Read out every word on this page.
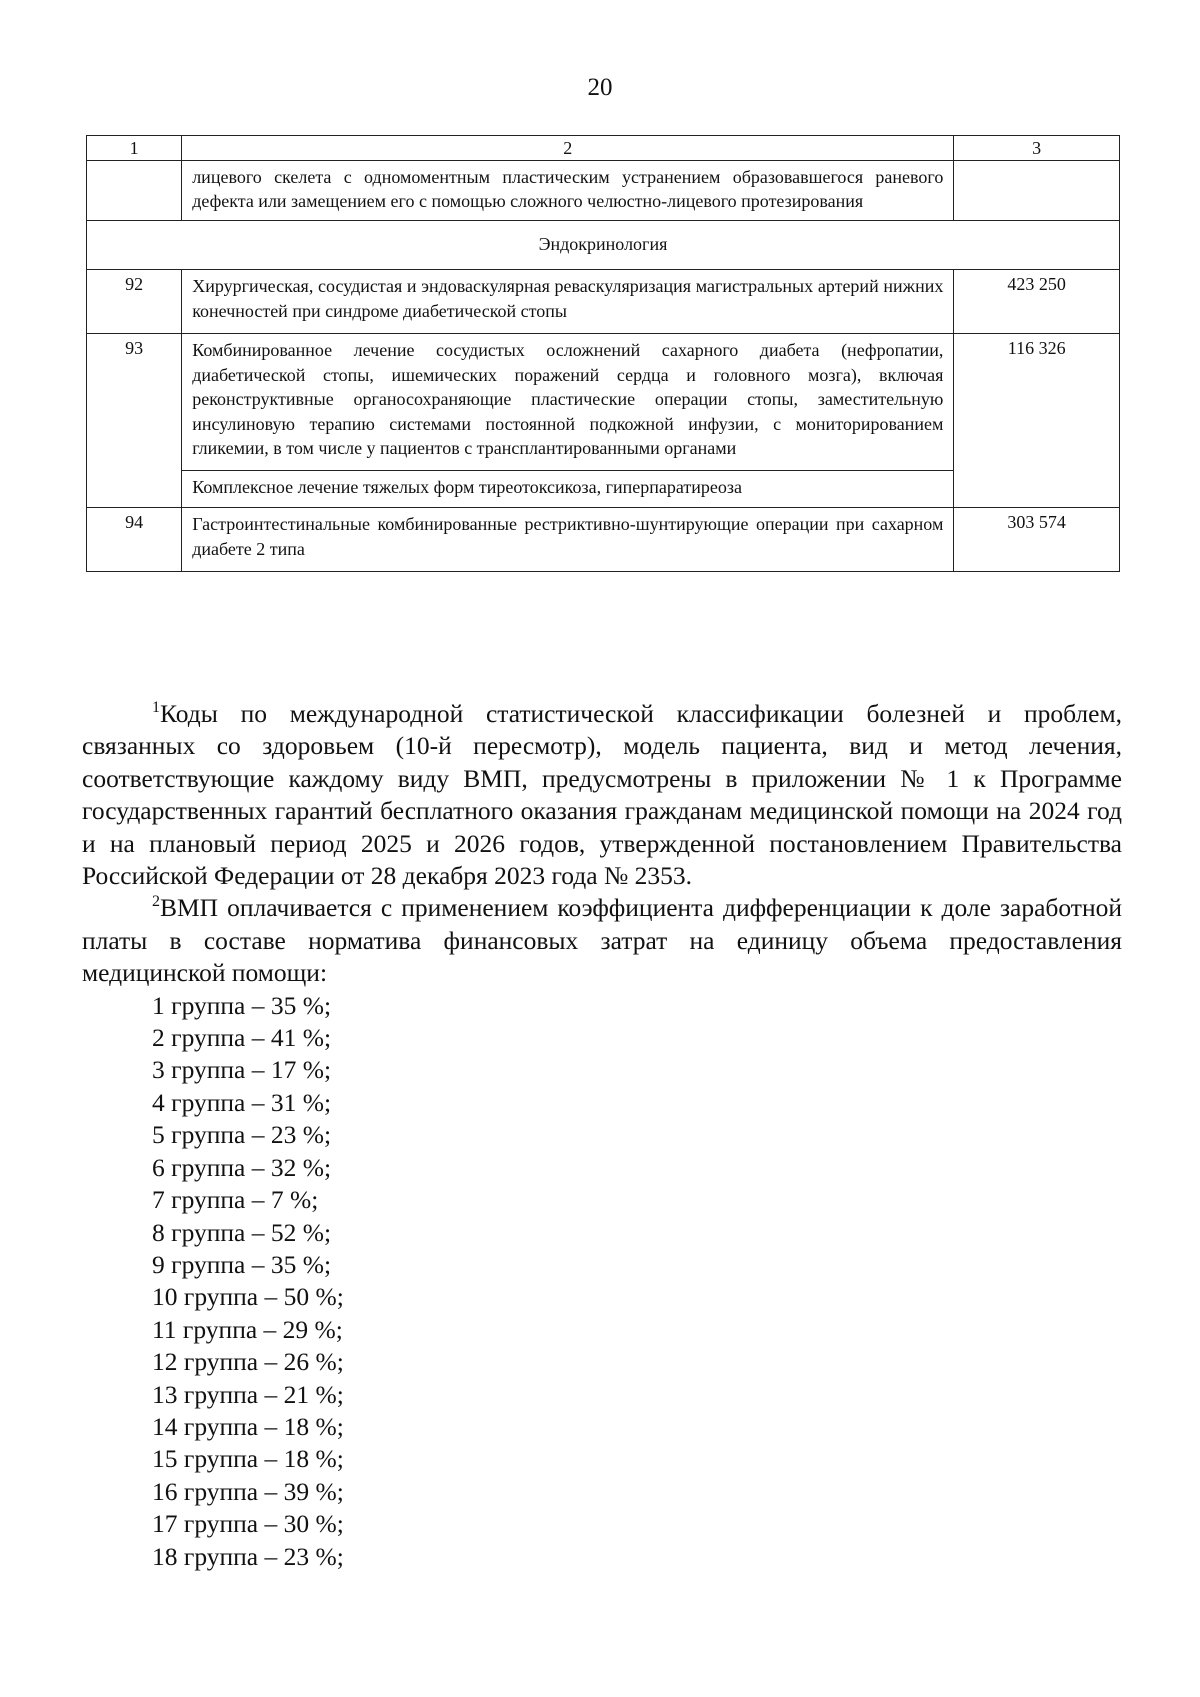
20
1	2	3
	лицевого скелета с одномоментным пластическим устранением образовавшегося раневого дефекта или замещением его с помощью сложного челюстно-лицевого протезирования	
Эндокринология		
92	Хирургическая, сосудистая и эндоваскулярная реваскуляризация магистральных артерий нижних конечностей при синдроме диабетической стопы	423 250
93	Комбинированное лечение сосудистых осложнений сахарного диабета (нефропатии, диабетической стопы, ишемических поражений сердца и головного мозга), включая реконструктивные органосохраняющие пластические операции стопы, заместительную инсулиновую терапию системами постоянной подкожной инфузии, с мониторированием гликемии, в том числе у пациентов с трансплантированными органами	116 326
	Комплексное лечение тяжелых форм тиреотоксикоза, гиперпаратиреоза	
94	Гастроинтестинальные комбинированные рестриктивно-шунтирующие операции при сахарном диабете 2 типа	303 574

$^1$Коды по международной статистической классификации болезней и проблем, связанных со здоровьем (10-й пересмотр), модель пациента, вид и метод лечения, соответствующие каждому виду ВМП, предусмотрены в приложении № 1 к Программе государственных гарантий бесплатного оказания гражданам медицинской помощи на 2024 год и на плановый период 2025 и 2026 годов, утвержденной постановлением Правительства Российской Федерации от 28 декабря 2023 года № 2353.

$^2$ВМП оплачивается с применением коэффициента дифференциации к доле заработной платы в составе норматива финансовых затрат на единицу объема предоставления медицинской помощи:

1 группа – 35 %;
2 группа – 41 %;
3 группа – 17 %;
4 группа – 31 %;
5 группа – 23 %;
6 группа – 32 %;
7 группа – 7 %;
8 группа – 52 %;
9 группа – 35 %;
10 группа – 50 %;
11 группа – 29 %;
12 группа – 26 %;
13 группа – 21 %;
14 группа – 18 %;
15 группа – 18 %;
16 группа – 39 %;
17 группа – 30 %;
18 группа – 23 %;
